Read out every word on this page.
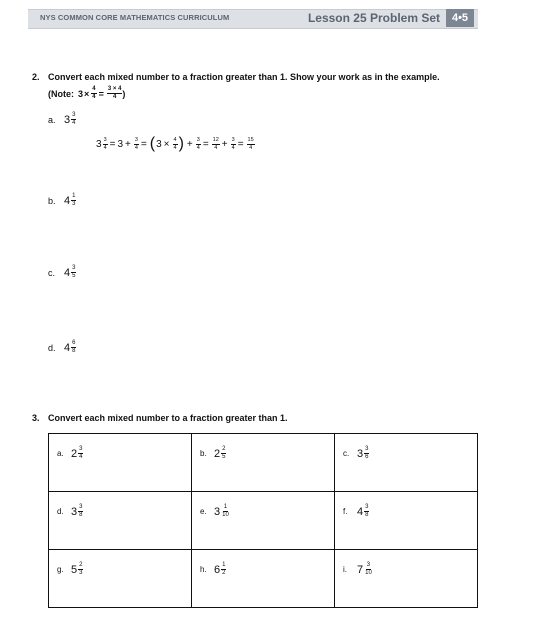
NYS COMMON CORE MATHEMATICS CURRICULUM	Lesson 25 Problem Set	4•5
2. Convert each mixed number to a fraction greater than 1. Show your work as in the example.
(Note: $3 \times \frac{4}{4} = \frac{3 \times 4}{4}$ )
a. $3 \frac{3}{4}$
$3 \frac{3}{4} = 3 + \frac{3}{4}$ = ( $3 \times \frac{4}{4}$ ) + $\frac{3}{4} = \frac{12}{4} + \frac{3}{4} = \frac{15}{4}$
b. $4 \frac{1}{3}$
c. $4 \frac{3}{5}$
d. $4 \frac{6}{8}$
3. Convert each mixed number to a fraction greater than 1.
a. $2 \frac{3}{4}$	b. $2 \frac{2}{5}$	c. $3 \frac{3}{6}$

d. $3 \frac{3}{8}$	e. $3 \frac{1}{10}$	f. $4 \frac{3}{8}$

g. $5 \frac{2}{3}$	h. $6 \frac{1}{2}$	i. $7 \frac{3}{10}$
